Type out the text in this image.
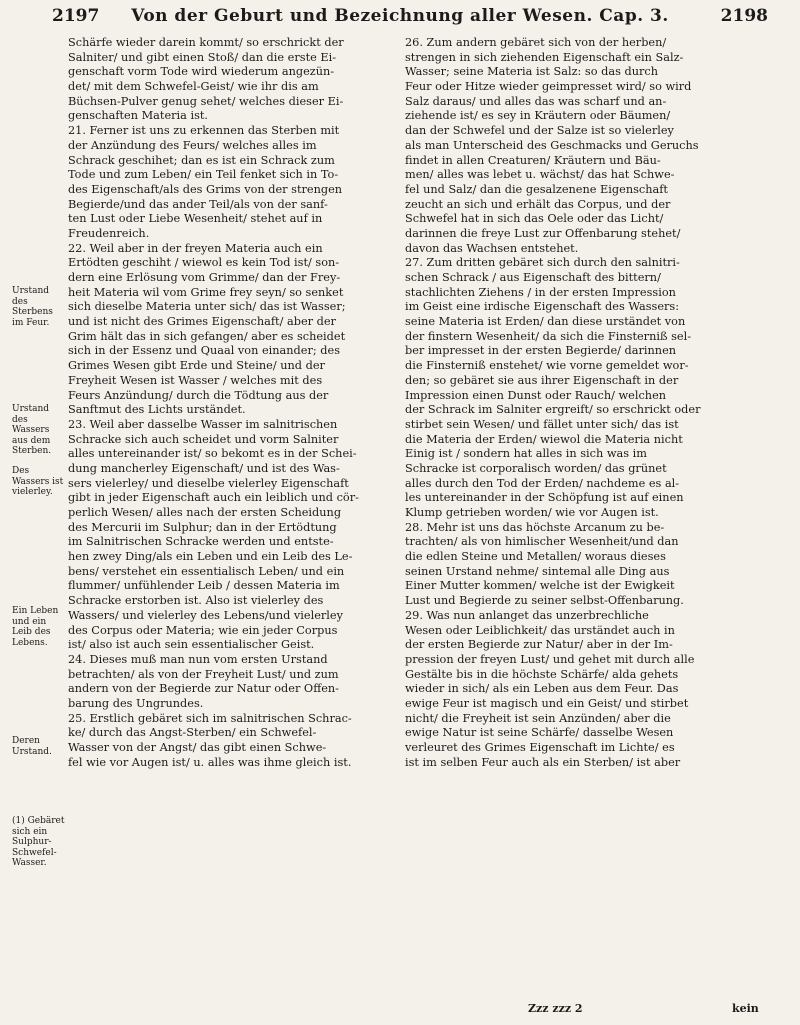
2197	Von der Geburt und Bezeichnung aller Wesen. Cap. 3.	2198
Urstand des Sterbens im Feur.
Urstand des Wassers aus dem Sterben.
Des Wassers ist vielerley.
Ein Leben und ein Leib des Lebens.
Deren Urstand.
(1) Gebäret sich ein Sulphur-Schwefel-Wasser.
Schärfe wieder darein kommt/ so erschrickt der
Salniter/ und gibt einen Stoß/ dan die erste Ei-
genschaft vorm Tode wird wiederum angezün-
det/ mit dem Schwefel-Geist/ wie ihr dis am
Büchsen-Pulver genug sehet/ welches dieser Ei-
genschaften Materia ist.
21. Ferner ist uns zu erkennen das Sterben mit
der Anzündung des Feurs/ welches alles im
Schrack geschihet; dan es ist ein Schrack zum
Tode und zum Leben/ ein Teil fenket sich in To-
des Eigenschaft/als des Grims von der strengen
Begierde/und das ander Teil/als von der sanf-
ten Lust oder Liebe Wesenheit/ stehet auf in
Freudenreich.
22. Weil aber in der freyen Materia auch ein
Ertödten geschiht / wiewol es kein Tod ist/ son-
dern eine Erlösung vom Grimme/ dan der Frey-
heit Materia wil vom Grime frey seyn/ so senket
sich dieselbe Materia unter sich/ das ist Wasser;
und ist nicht des Grimes Eigenschaft/ aber der
Grim hält das in sich gefangen/ aber es scheidet
sich in der Essenz und Quaal von einander; des
Grimes Wesen gibt Erde und Steine/ und der
Freyheit Wesen ist Wasser / welches mit des
Feurs Anzündung/ durch die Tödtung aus der
Sanftmut des Lichts urständet.
23. Weil aber dasselbe Wasser im salnitrischen
Schracke sich auch scheidet und vorm Salniter
alles untereinander ist/ so bekomt es in der Schei-
dung mancherley Eigenschaft/ und ist des Was-
sers vielerley/ und dieselbe vielerley Eigenschaft
gibt in jeder Eigenschaft auch ein leiblich und cör-
perlich Wesen/ alles nach der ersten Scheidung
des Mercurii im Sulphur; dan in der Ertödtung
im Salnitrischen Schracke werden und entste-
hen zwey Ding/als ein Leben und ein Leib des Le-
bens/ verstehet ein essentialisch Leben/ und ein
flummer/ unfühlender Leib / dessen Materia im
Schracke erstorben ist. Also ist vielerley des
Wassers/ und vielerley des Lebens/und vielerley
des Corpus oder Materia; wie ein jeder Corpus
ist/ also ist auch sein essentialischer Geist.
24. Dieses muß man nun vom ersten Urstand
betrachten/ als von der Freyheit Lust/ und zum
andern von der Begierde zur Natur oder Offen-
barung des Ungrundes.
25. Erstlich gebäret sich im salnitrischen Schrac-
ke/ durch das Angst-Sterben/ ein Schwefel-
Wasser von der Angst/ das gibt einen Schwe-
fel wie vor Augen ist/ u. alles was ihme gleich ist.
26. Zum andern gebäret sich von der herben/
strengen in sich ziehenden Eigenschaft ein Salz-
Wasser; seine Materia ist Salz: so das durch
Feur oder Hitze wieder geimpresset wird/ so wird
Salz daraus/ und alles das was scharf und an-
ziehende ist/ es sey in Kräutern oder Bäumen/
dan der Schwefel und der Salze ist so vielerley
als man Unterscheid des Geschmacks und Geruchs
findet in allen Creaturen/ Kräutern und Bäu-
men/ alles was lebet u. wächst/ das hat Schwe-
fel und Salz/ dan die gesalzenene Eigenschaft
zeucht an sich und erhält das Corpus, und der
Schwefel hat in sich das Oele oder das Licht/
darinnen die freye Lust zur Offenbarung stehet/
davon das Wachsen entstehet.
27. Zum dritten gebäret sich durch den salnitri-
schen Schrack / aus Eigenschaft des bittern/
stachlichten Ziehens / in der ersten Impression
im Geist eine irdische Eigenschaft des Wassers:
seine Materia ist Erden/ dan diese urständet von
der finstern Wesenheit/ da sich die Finsterniß sel-
ber impresset in der ersten Begierde/ darinnen
die Finsterniß enstehet/ wie vorne gemeldet wor-
den; so gebäret sie aus ihrer Eigenschaft in der
Impression einen Dunst oder Rauch/ welchen
der Schrack im Salniter ergreift/ so erschrickt oder
stirbet sein Wesen/ und fället unter sich/ das ist
die Materia der Erden/ wiewol die Materia nicht
Einig ist / sondern hat alles in sich was im
Schracke ist corporalisch worden/ das grünet
alles durch den Tod der Erden/ nachdeme es al-
les untereinander in der Schöpfung ist auf einen
Klump getrieben worden/ wie vor Augen ist.
28. Mehr ist uns das höchste Arcanum zu be-
trachten/ als von himlischer Wesenheit/und dan
die edlen Steine und Metallen/ woraus dieses
seinen Urstand nehme/ sintemal alle Ding aus
Einer Mutter kommen/ welche ist der Ewigkeit
Lust und Begierde zu seiner selbst-Offenbarung.
29. Was nun anlanget das unzerbrechliche
Wesen oder Leiblichkeit/ das urständet auch in
der ersten Begierde zur Natur/ aber in der Im-
pression der freyen Lust/ und gehet mit durch alle
Gestälte bis in die höchste Schärfe/ alda gehets
wieder in sich/ als ein Leben aus dem Feur. Das
ewige Feur ist magisch und ein Geist/ und stirbet
nicht/ die Freyheit ist sein Anzünden/ aber die
ewige Natur ist seine Schärfe/ dasselbe Wesen
verleuret des Grimes Eigenschaft im Lichte/ es
ist im selben Feur auch als ein Sterben/ ist aber
Zzz zzz 2	kein
